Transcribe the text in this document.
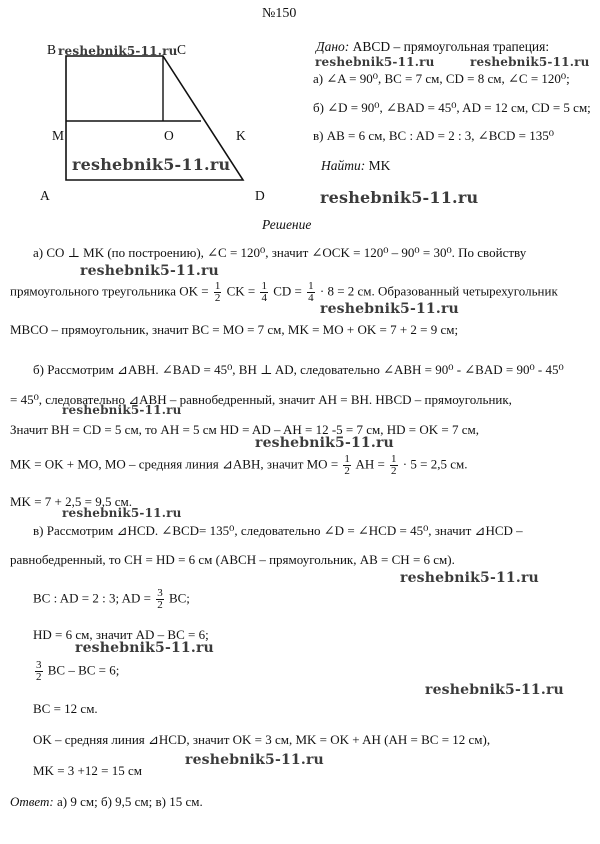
№150
B	C
M	O	K
A	D
Дано: ABCD – прямоугольная трапеция:
а) ∠A = 90⁰, BC = 7 см, CD = 8 см, ∠C = 120⁰;
б) ∠D = 90⁰, ∠BAD = 45⁰, AD = 12 см, CD = 5 см;
в) AB = 6 см, BC : AD = 2 : 3, ∠BCD = 135⁰
Найти: MK
Решение
а) CO ⊥ MK (по построению), ∠C = 120⁰, значит ∠OCK = 120⁰ – 90⁰ = 30⁰. По свойству
прямоугольного треугольника OK = $\frac{1}{2}$ CK = $\frac{1}{4}$ CD = $\frac{1}{4} \cdot 8 = 2$ см. Образованный четырехугольник
MBCO – прямоугольник, значит BC = MO = 7 см, MK = MO + OK = 7 + 2 = 9 см;
б) Рассмотрим ⊿ABH. ∠BAD = 45⁰, BH ⊥ AD, следовательно ∠ABH = 90⁰ - ∠BAD = 90⁰ - 45⁰
= 45⁰, следовательно ⊿ABH – равнобедренный, значит AH = BH. HBCD – прямоугольник,
Значит BH = CD = 5 см, то AH = 5 см HD = AD – AH = 12 -5 = 7 см, HD = OK = 7 см,
MK = OK + MO, MO – средняя линия ⊿ABH, значит MO = $\frac{1}{2}$ AH = $\frac{1}{2} \cdot 5 = 2,5$ см.
MK = 7 + 2,5 = 9,5 см.
в) Рассмотрим ⊿HCD. ∠BCD= 135⁰, следовательно ∠D = ∠HCD = 45⁰, значит ⊿HCD –
равнобедренный, то CH = HD = 6 см (ABCH – прямоугольник, AB = CH = 6 см).
BC : AD = 2 : 3; AD = $\frac{3}{2}$ BC;
HD = 6 см, значит AD – BC = 6;
$\frac{3}{2}$ BC – BC = 6;
BC = 12 см.
OK – средняя линия ⊿HCD, значит OK = 3 см, MK = OK + AH (AH = BC = 12 см),
MK = 3 +12 = 15 см
Ответ: а) 9 см; б) 9,5 см; в) 15 см.
reshebnik5-11.ru
reshebnik5-11.ru	reshebnik5-11.ru
reshebnik5-11.ru
reshebnik5-11.ru
reshebnik5-11.ru
reshebnik5-11.ru
reshebnik5-11.ru
reshebnik5-11.ru
reshebnik5-11.ru
reshebnik5-11.ru
reshebnik5-11.ru
reshebnik5-11.ru
reshebnik5-11.ru
